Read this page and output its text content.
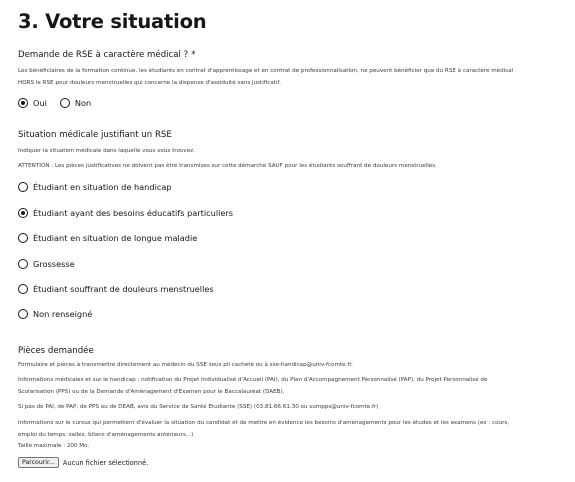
3. Votre situation
Demande de RSE à caractère médical ? *
Les bénéficiaires de la formation continue, les étudiants en contrat d'apprentissage et en contrat de professionnalisation, ne peuvent bénéficier que du RSE à caractère médical
HORS le RSE pour douleurs menstruelles qui concerne la dispense d'assiduité sans justificatif.
Oui	Non
Situation médicale justifiant un RSE
Indiquer la situation médicale dans laquelle vous vous trouvez.
ATTENTION : Les pièces justificatives ne doivent pas être transmises sur cette démarche SAUF pour les étudiants souffrant de douleurs menstruelles.
Étudiant en situation de handicap
Étudiant ayant des besoins éducatifs particuliers
Étudiant en situation de longue maladie
Grossesse
Étudiant souffrant de douleurs menstruelles
Non renseigné
Pièces demandée
Formulaire et pièces à transmettre directement au médecin du SSE sous pli cacheté ou à sse-handicap@univ-fcomte.fr.
Informations médicales et sur le handicap : notification du Projet Individualisé d'Accueil (PAI), du Plan d'Accompagnement Personnalisé (PAP), du Projet Personnalisé de
Scolarisation (PPS) ou de la Demande d'Aménagement d'Examen pour le Baccalauréat (DAEB).
Si pas de PAI, de PAP, de PPS ou de DEAB, avis du Service de Santé Etudiante (SSE) (03.81.66.61.30 ou sumpps@univ-fcomte.fr)
Informations sur le cursus qui permettent d'évaluer la situation du candidat et de mettre en évidence les besoins d'aménagements pour les études et les examens (ex : cours,
emploi du temps, salles, bilans d'aménagements antérieurs...)
Taille maximale : 200 Mo.
Parcourir...	Aucun fichier sélectionné.
